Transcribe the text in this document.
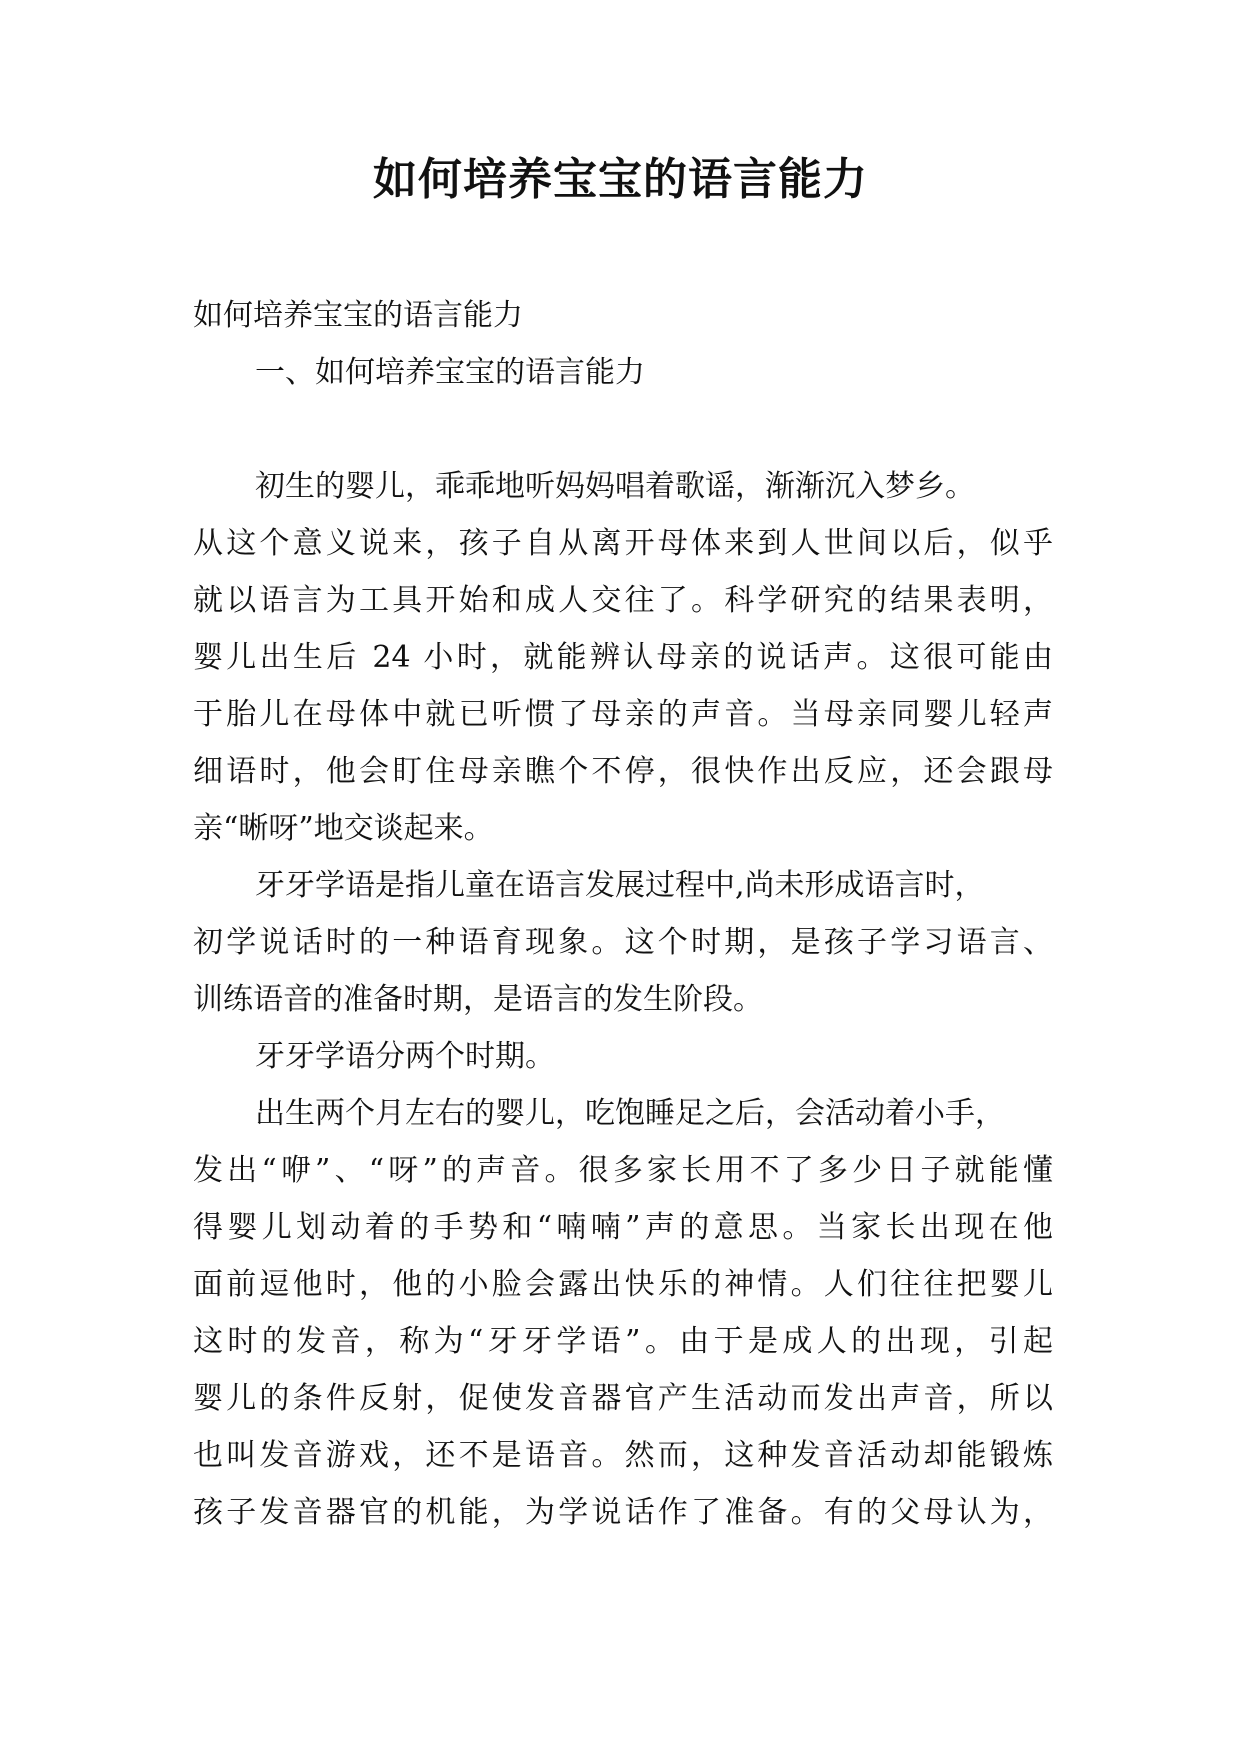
如何培养宝宝的语言能力

如何培养宝宝的语言能力

一、如何培养宝宝的语言能力

初生的婴儿，乖乖地听妈妈唱着歌谣，渐渐沉入梦乡。

从这个意义说来，孩子自从离开母体来到人世间以后，似乎

就以语言为工具开始和成人交往了。科学研究的结果表明，

婴儿出生后 24 小时，就能辨认母亲的说话声。这很可能由

于胎儿在母体中就已听惯了母亲的声音。当母亲同婴儿轻声

细语时，他会盯住母亲瞧个不停，很快作出反应，还会跟母

亲“晰呀”地交谈起来。

牙牙学语是指儿童在语言发展过程中,尚未形成语言时，

初学说话时的一种语育现象。这个时期，是孩子学习语言、

训练语音的准备时期，是语言的发生阶段。

牙牙学语分两个时期。

出生两个月左右的婴儿，吃饱睡足之后，会活动着小手，

发出“咿”、“呀”的声音。很多家长用不了多少日子就能懂

得婴儿划动着的手势和“喃喃”声的意思。当家长出现在他

面前逗他时，他的小脸会露出快乐的神情。人们往往把婴儿

这时的发音，称为“牙牙学语”。由于是成人的出现，引起

婴儿的条件反射，促使发音器官产生活动而发出声音，所以

也叫发音游戏，还不是语音。然而，这种发音活动却能锻炼

孩子发音器官的机能，为学说话作了准备。有的父母认为，
